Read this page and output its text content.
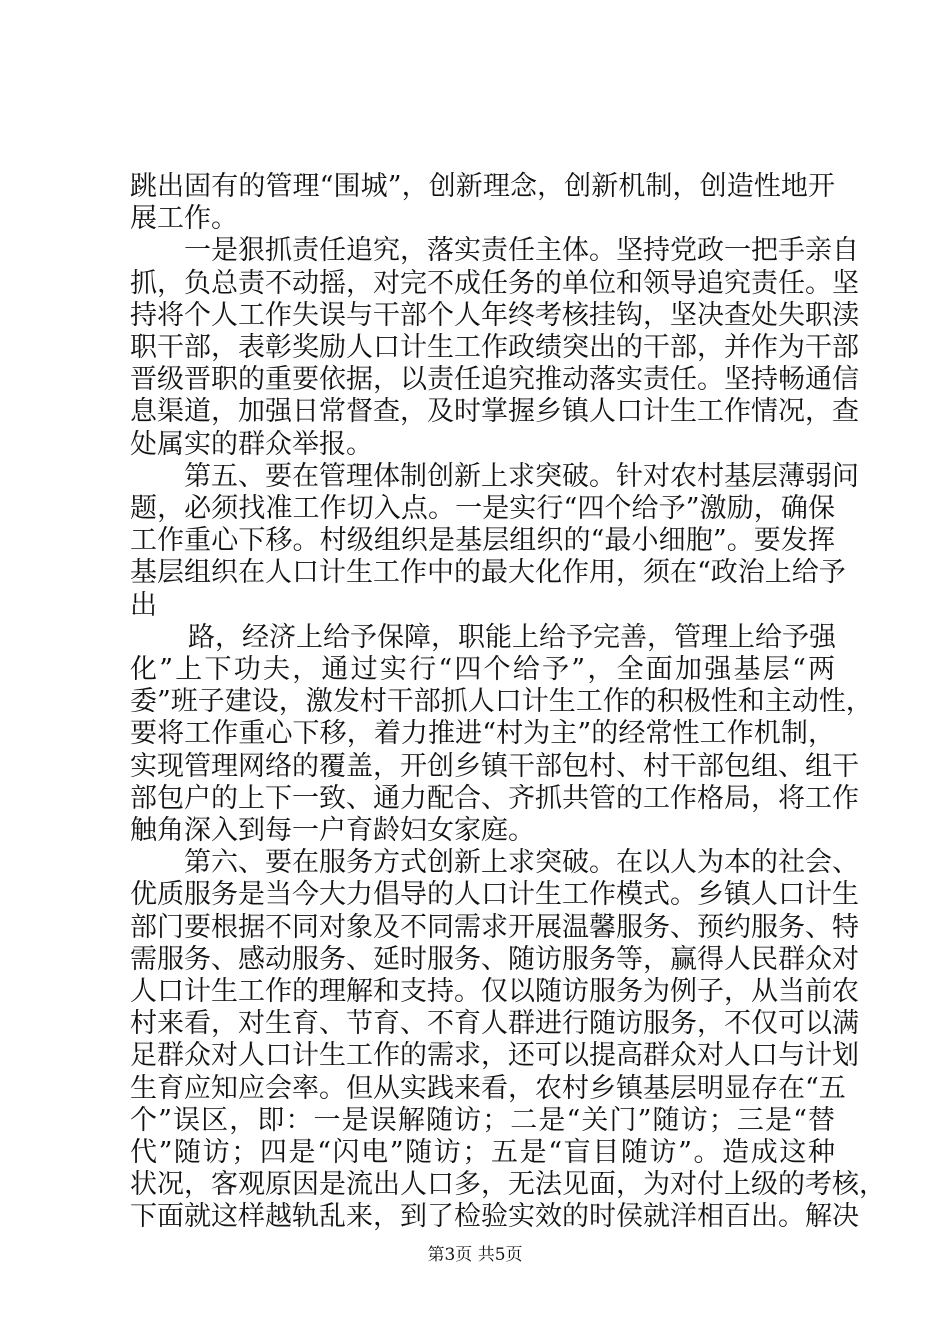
跳出固有的管理“围城”，创新理念，创新机制，创造性地开
展工作。
一是狠抓责任追究，落实责任主体。坚持党政一把手亲自
抓，负总责不动摇，对完不成任务的单位和领导追究责任。坚
持将个人工作失误与干部个人年终考核挂钩，坚决查处失职渎
职干部，表彰奖励人口计生工作政绩突出的干部，并作为干部
晋级晋职的重要依据，以责任追究推动落实责任。坚持畅通信
息渠道，加强日常督查，及时掌握乡镇人口计生工作情况，查
处属实的群众举报。
第五、要在管理体制创新上求突破。针对农村基层薄弱问
题，必须找准工作切入点。一是实行“四个给予”激励，确保
工作重心下移。村级组织是基层组织的“最小细胞”。要发挥
基层组织在人口计生工作中的最大化作用，须在“政治上给予
出
路，经济上给予保障，职能上给予完善，管理上给予强
化”上下功夫，通过实行“四个给予”，全面加强基层“两
委”班子建设，激发村干部抓人口计生工作的积极性和主动性，
要将工作重心下移，着力推进“村为主”的经常性工作机制，
实现管理网络的覆盖，开创乡镇干部包村、村干部包组、组干
部包户的上下一致、通力配合、齐抓共管的工作格局，将工作
触角深入到每一户育龄妇女家庭。
第六、要在服务方式创新上求突破。在以人为本的社会、
优质服务是当今大力倡导的人口计生工作模式。乡镇人口计生
部门要根据不同对象及不同需求开展温馨服务、预约服务、特
需服务、感动服务、延时服务、随访服务等，赢得人民群众对
人口计生工作的理解和支持。仅以随访服务为例子，从当前农
村来看，对生育、节育、不育人群进行随访服务，不仅可以满
足群众对人口计生工作的需求，还可以提高群众对人口与计划
生育应知应会率。但从实践来看，农村乡镇基层明显存在“五
个”误区，即：一是误解随访；二是“关门”随访；三是“替
代”随访；四是“闪电”随访；五是“盲目随访”。造成这种
状况，客观原因是流出人口多，无法见面，为对付上级的考核，
下面就这样越轨乱来，到了检验实效的时侯就洋相百出。解决
第3页 共5页
